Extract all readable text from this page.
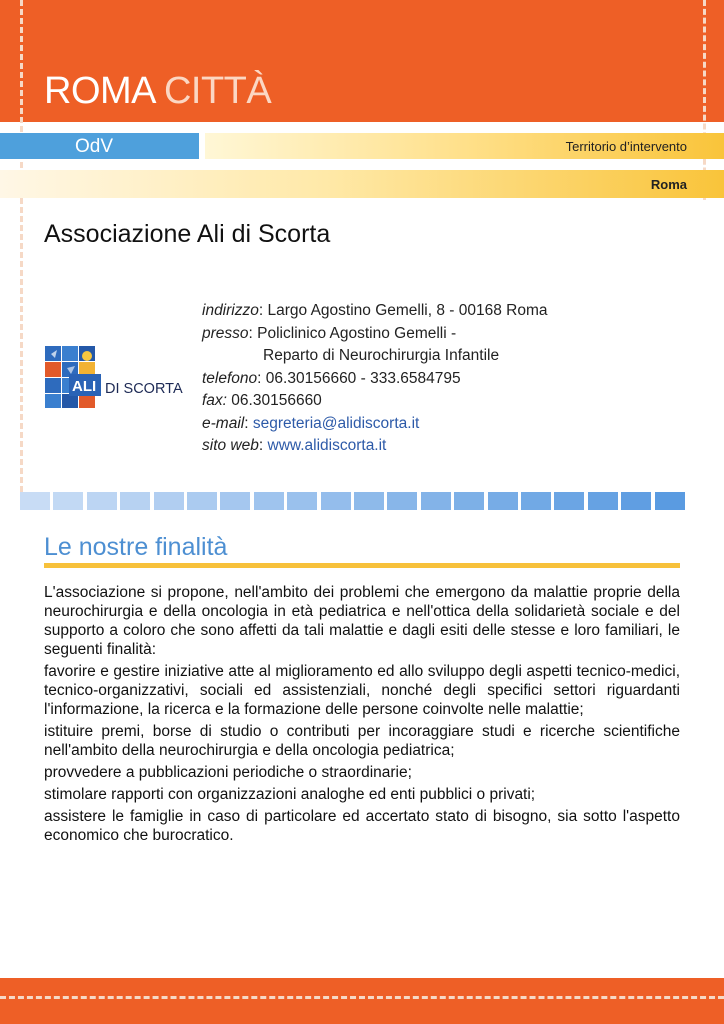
ROMA CITTÀ
OdV	Territorio d’intervento
Roma
Associazione Ali di Scorta
ALI DI SCORTA
indirizzo: Largo Agostino Gemelli, 8 - 00168 Roma
presso: Policlinico Agostino Gemelli -
Reparto di Neurochirurgia Infantile
telefono: 06.30156660 - 333.6584795
fax: 06.30156660
e-mail: segreteria@alidiscorta.it
sito web: www.alidiscorta.it
Le nostre finalità

L'associazione si propone, nell'ambito dei problemi che emergono da malattie proprie della neurochirurgia e della oncologia in età pediatrica e nell'ottica della solidarietà sociale e del supporto a coloro che sono affetti da tali malattie e dagli esiti delle stesse e loro familiari, le seguenti finalità:

favorire e gestire iniziative atte al miglioramento ed allo sviluppo degli aspetti tecnico-medici, tecnico-organizzativi, sociali ed assistenziali, nonché degli specifici settori riguardanti l'informazione, la ricerca e la formazione delle persone coinvolte nelle malattie;

istituire premi, borse di studio o contributi per incoraggiare studi e ricerche scientifiche nell'ambito della neurochirurgia e della oncologia pediatrica;

provvedere a pubblicazioni periodiche o straordinarie;

stimolare rapporti con organizzazioni analoghe ed enti pubblici o privati;

assistere le famiglie in caso di particolare ed accertato stato di bisogno, sia sotto l'aspetto economico che burocratico.
